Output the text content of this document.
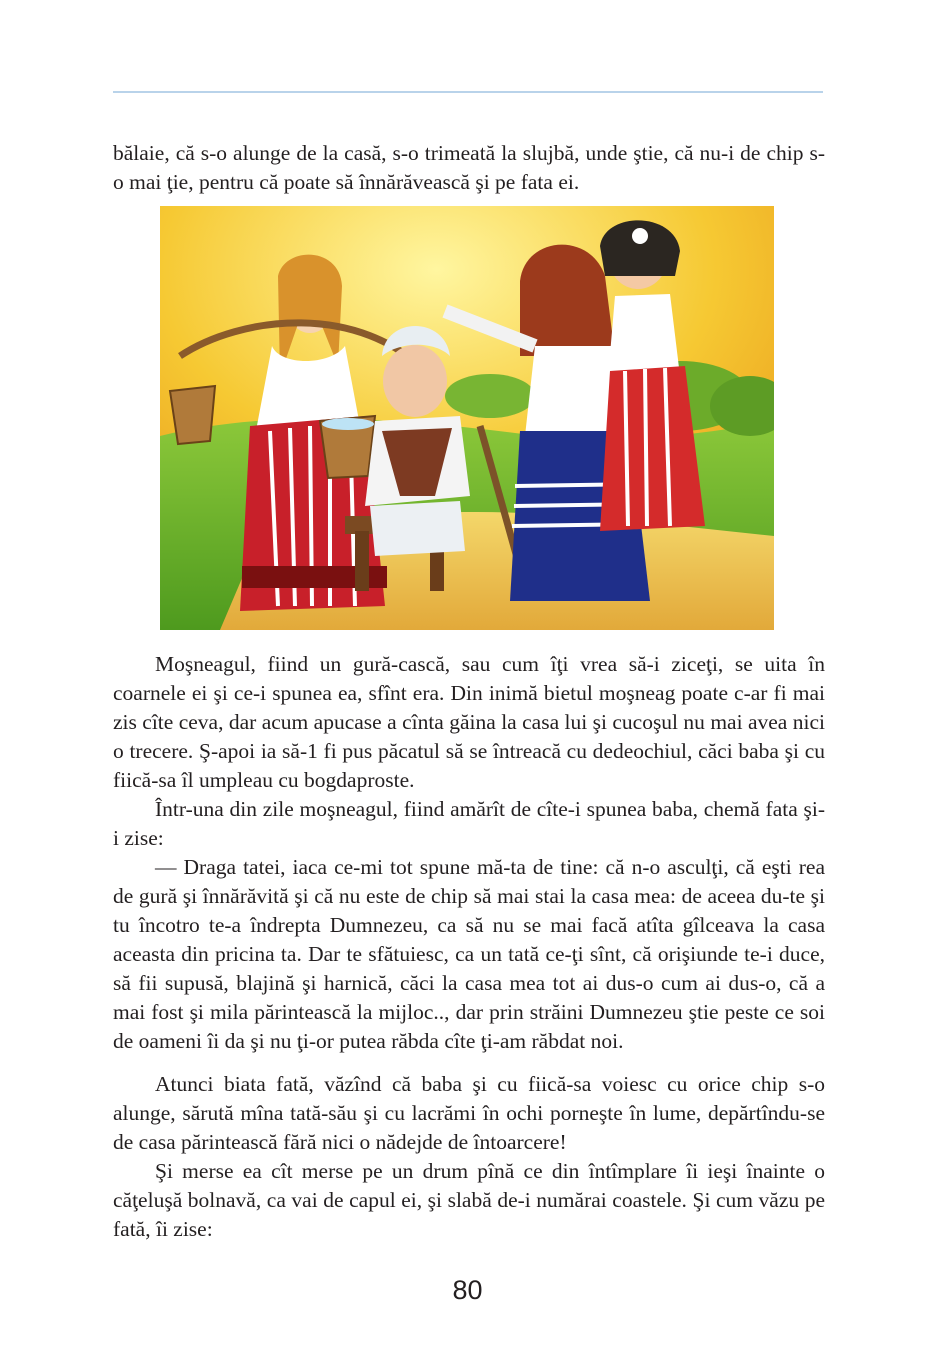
bălaie, că s-o alunge de la casă, s-o trimeată la slujbă, unde ştie, că nu-i de chip s-o mai ţie, pentru că poate să înnărăvească şi pe fata ei.

Moşneagul, fiind un gură-cască, sau cum îţi vrea să-i ziceţi, se uita în coarnele ei şi ce-i spunea ea, sfînt era. Din inimă bietul moşneag poate c-ar fi mai zis cîte ceva, dar acum apucase a cînta găina la casa lui şi cucoşul nu mai avea nici o trecere. Ş-apoi ia să-1 fi pus păcatul să se întreacă cu dedeochiul, căci baba şi cu fiică-sa îl umpleau cu bogdaproste.

Într-una din zile moşneagul, fiind amărît de cîte-i spunea baba, chemă fata şi-i zise:

— Draga tatei, iaca ce-mi tot spune mă-ta de tine: că n-o asculţi, că eşti rea de gură şi înnărăvită şi că nu este de chip să mai stai la casa mea: de aceea du-te şi tu încotro te-a îndrepta Dumnezeu, ca să nu se mai facă atîta gîlceava la casa aceasta din pricina ta. Dar te sfătuiesc, ca un tată ce-ţi sînt, că orişiunde te-i duce, să fii supusă, blajină şi harnică, căci la casa mea tot ai dus-o cum ai dus-o, că a mai fost şi mila părintească la mijloc.., dar prin străini Dumnezeu ştie peste ce soi de oameni îi da şi nu ţi-or putea răbda cîte ţi-am răbdat noi.

Atunci biata fată, văzînd că baba şi cu fiică-sa voiesc cu orice chip s-o alunge, sărută mîna tată-său şi cu lacrămi în ochi porneşte în lume, depărtîndu-se de casa părintească fără nici o nădejde de întoarcere!

Şi merse ea cît merse pe un drum pînă ce din întîmplare îi ieşi înainte o căţeluşă bolnavă, ca vai de capul ei, şi slabă de-i numărai coastele. Şi cum văzu pe fată, îi zise:

80
